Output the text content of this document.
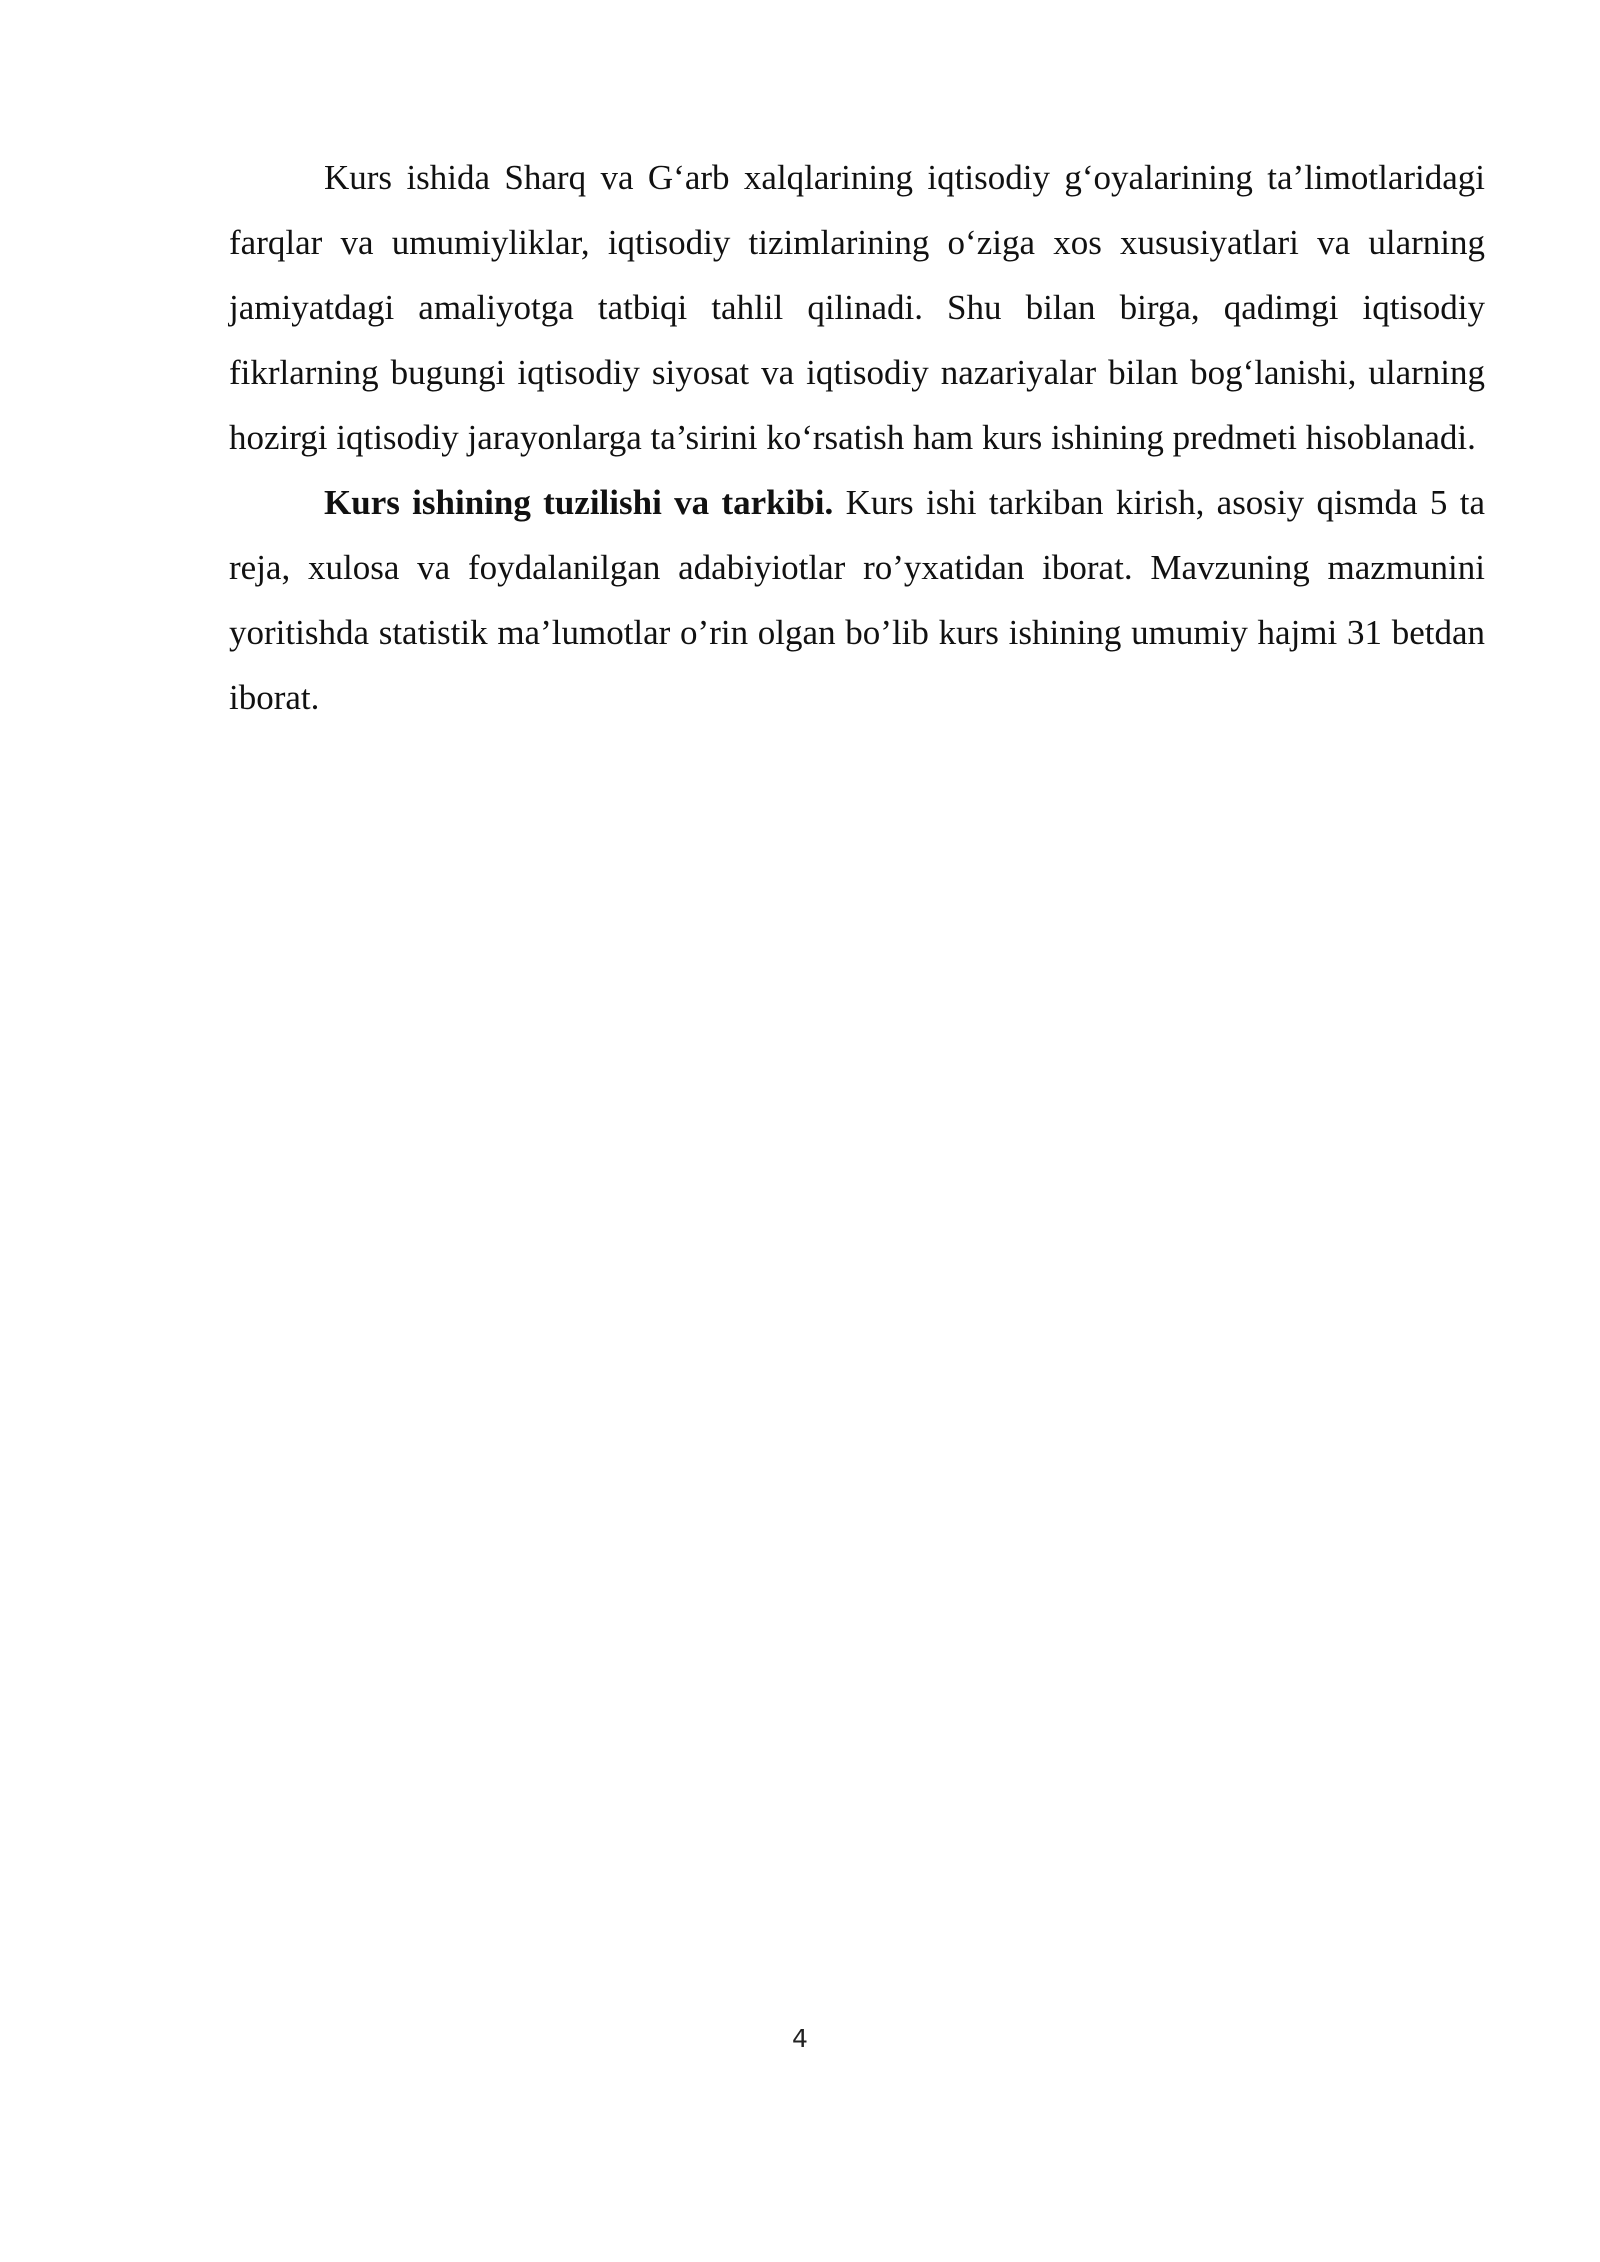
Kurs ishida Sharq va G‘arb xalqlarining iqtisodiy g‘oyalarining ta’limotlaridagi farqlar va umumiyliklar, iqtisodiy tizimlarining o‘ziga xos xususiyatlari va ularning jamiyatdagi amaliyotga tatbiqi tahlil qilinadi. Shu bilan birga, qadimgi iqtisodiy fikrlarning bugungi iqtisodiy siyosat va iqtisodiy nazariyalar bilan bog‘lanishi, ularning hozirgi iqtisodiy jarayonlarga ta’sirini ko‘rsatish ham kurs ishining predmeti hisoblanadi.

Kurs ishining tuzilishi va tarkibi. Kurs ishi tarkiban kirish, asosiy qismda 5 ta reja, xulosa va foydalanilgan adabiyiotlar ro’yxatidan iborat. Mavzuning mazmunini yoritishda statistik ma’lumotlar o’rin olgan bo’lib kurs ishining umumiy hajmi 31 betdan iborat.

4
